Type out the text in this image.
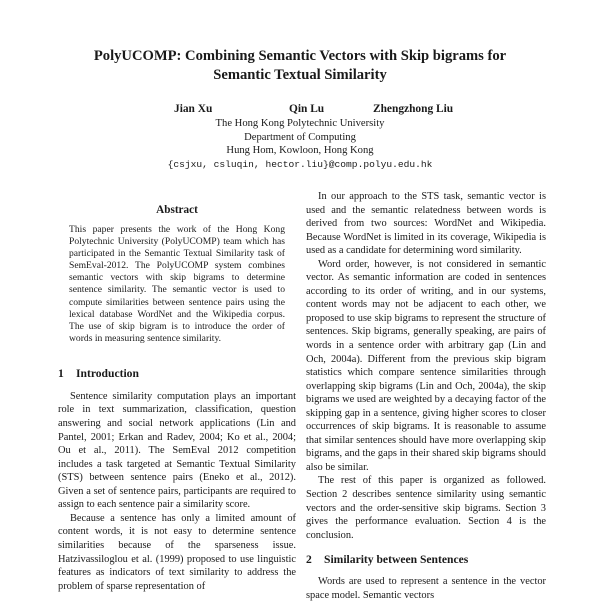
PolyUCOMP: Combining Semantic Vectors with Skip bigrams for
Semantic Textual Similarity
Jian Xu	Qin Lu	Zhengzhong Liu
The Hong Kong Polytechnic University
Department of Computing
Hung Hom, Kowloon, Hong Kong
{csjxu, csluqin, hector.liu}@comp.polyu.edu.hk
Abstract
This paper presents the work of the Hong Kong Polytechnic University (PolyUCOMP) team which has participated in the Semantic Textual Similarity task of SemEval-2012. The PolyUCOMP system combines semantic vectors with skip bigrams to determine sentence similarity. The semantic vector is used to compute similarities between sentence pairs using the lexical database WordNet and the Wikipedia corpus. The use of skip bigram is to introduce the order of words in measuring sentence similarity.
1	Introduction

Sentence similarity computation plays an important role in text summarization, classification, question answering and social network applications (Lin and Pantel, 2001; Erkan and Radev, 2004; Ko et al., 2004; Ou et al., 2011). The SemEval 2012 competition includes a task targeted at Semantic Textual Similarity (STS) between sentence pairs (Eneko et al., 2012). Given a set of sentence pairs, participants are required to assign to each sentence pair a similarity score.

Because a sentence has only a limited amount of content words, it is not easy to determine sentence similarities because of the sparseness issue. Hatzivassiloglou et al. (1999) proposed to use linguistic features as indicators of text similarity to address the problem of sparse representation of

In our approach to the STS task, semantic vector is used and the semantic relatedness between words is derived from two sources: WordNet and Wikipedia. Because WordNet is limited in its coverage, Wikipedia is used as a candidate for determining word similarity.

Word order, however, is not considered in semantic vector. As semantic information are coded in sentences according to its order of writing, and in our systems, content words may not be adjacent to each other, we proposed to use skip bigrams to represent the structure of sentences. Skip bigrams, generally speaking, are pairs of words in a sentence order with arbitrary gap (Lin and Och, 2004a). Different from the previous skip bigram statistics which compare sentence similarities through overlapping skip bigrams (Lin and Och, 2004a), the skip bigrams we used are weighted by a decaying factor of the skipping gap in a sentence, giving higher scores to closer occurrences of skip bigrams. It is reasonable to assume that similar sentences should have more overlapping skip bigrams, and the gaps in their shared skip bigrams should also be similar.

The rest of this paper is organized as followed. Section 2 describes sentence similarity using semantic vectors and the order-sensitive skip bigrams. Section 3 gives the performance evaluation. Section 4 is the conclusion.

2	Similarity between Sentences

Words are used to represent a sentence in the vector space model. Semantic vectors
